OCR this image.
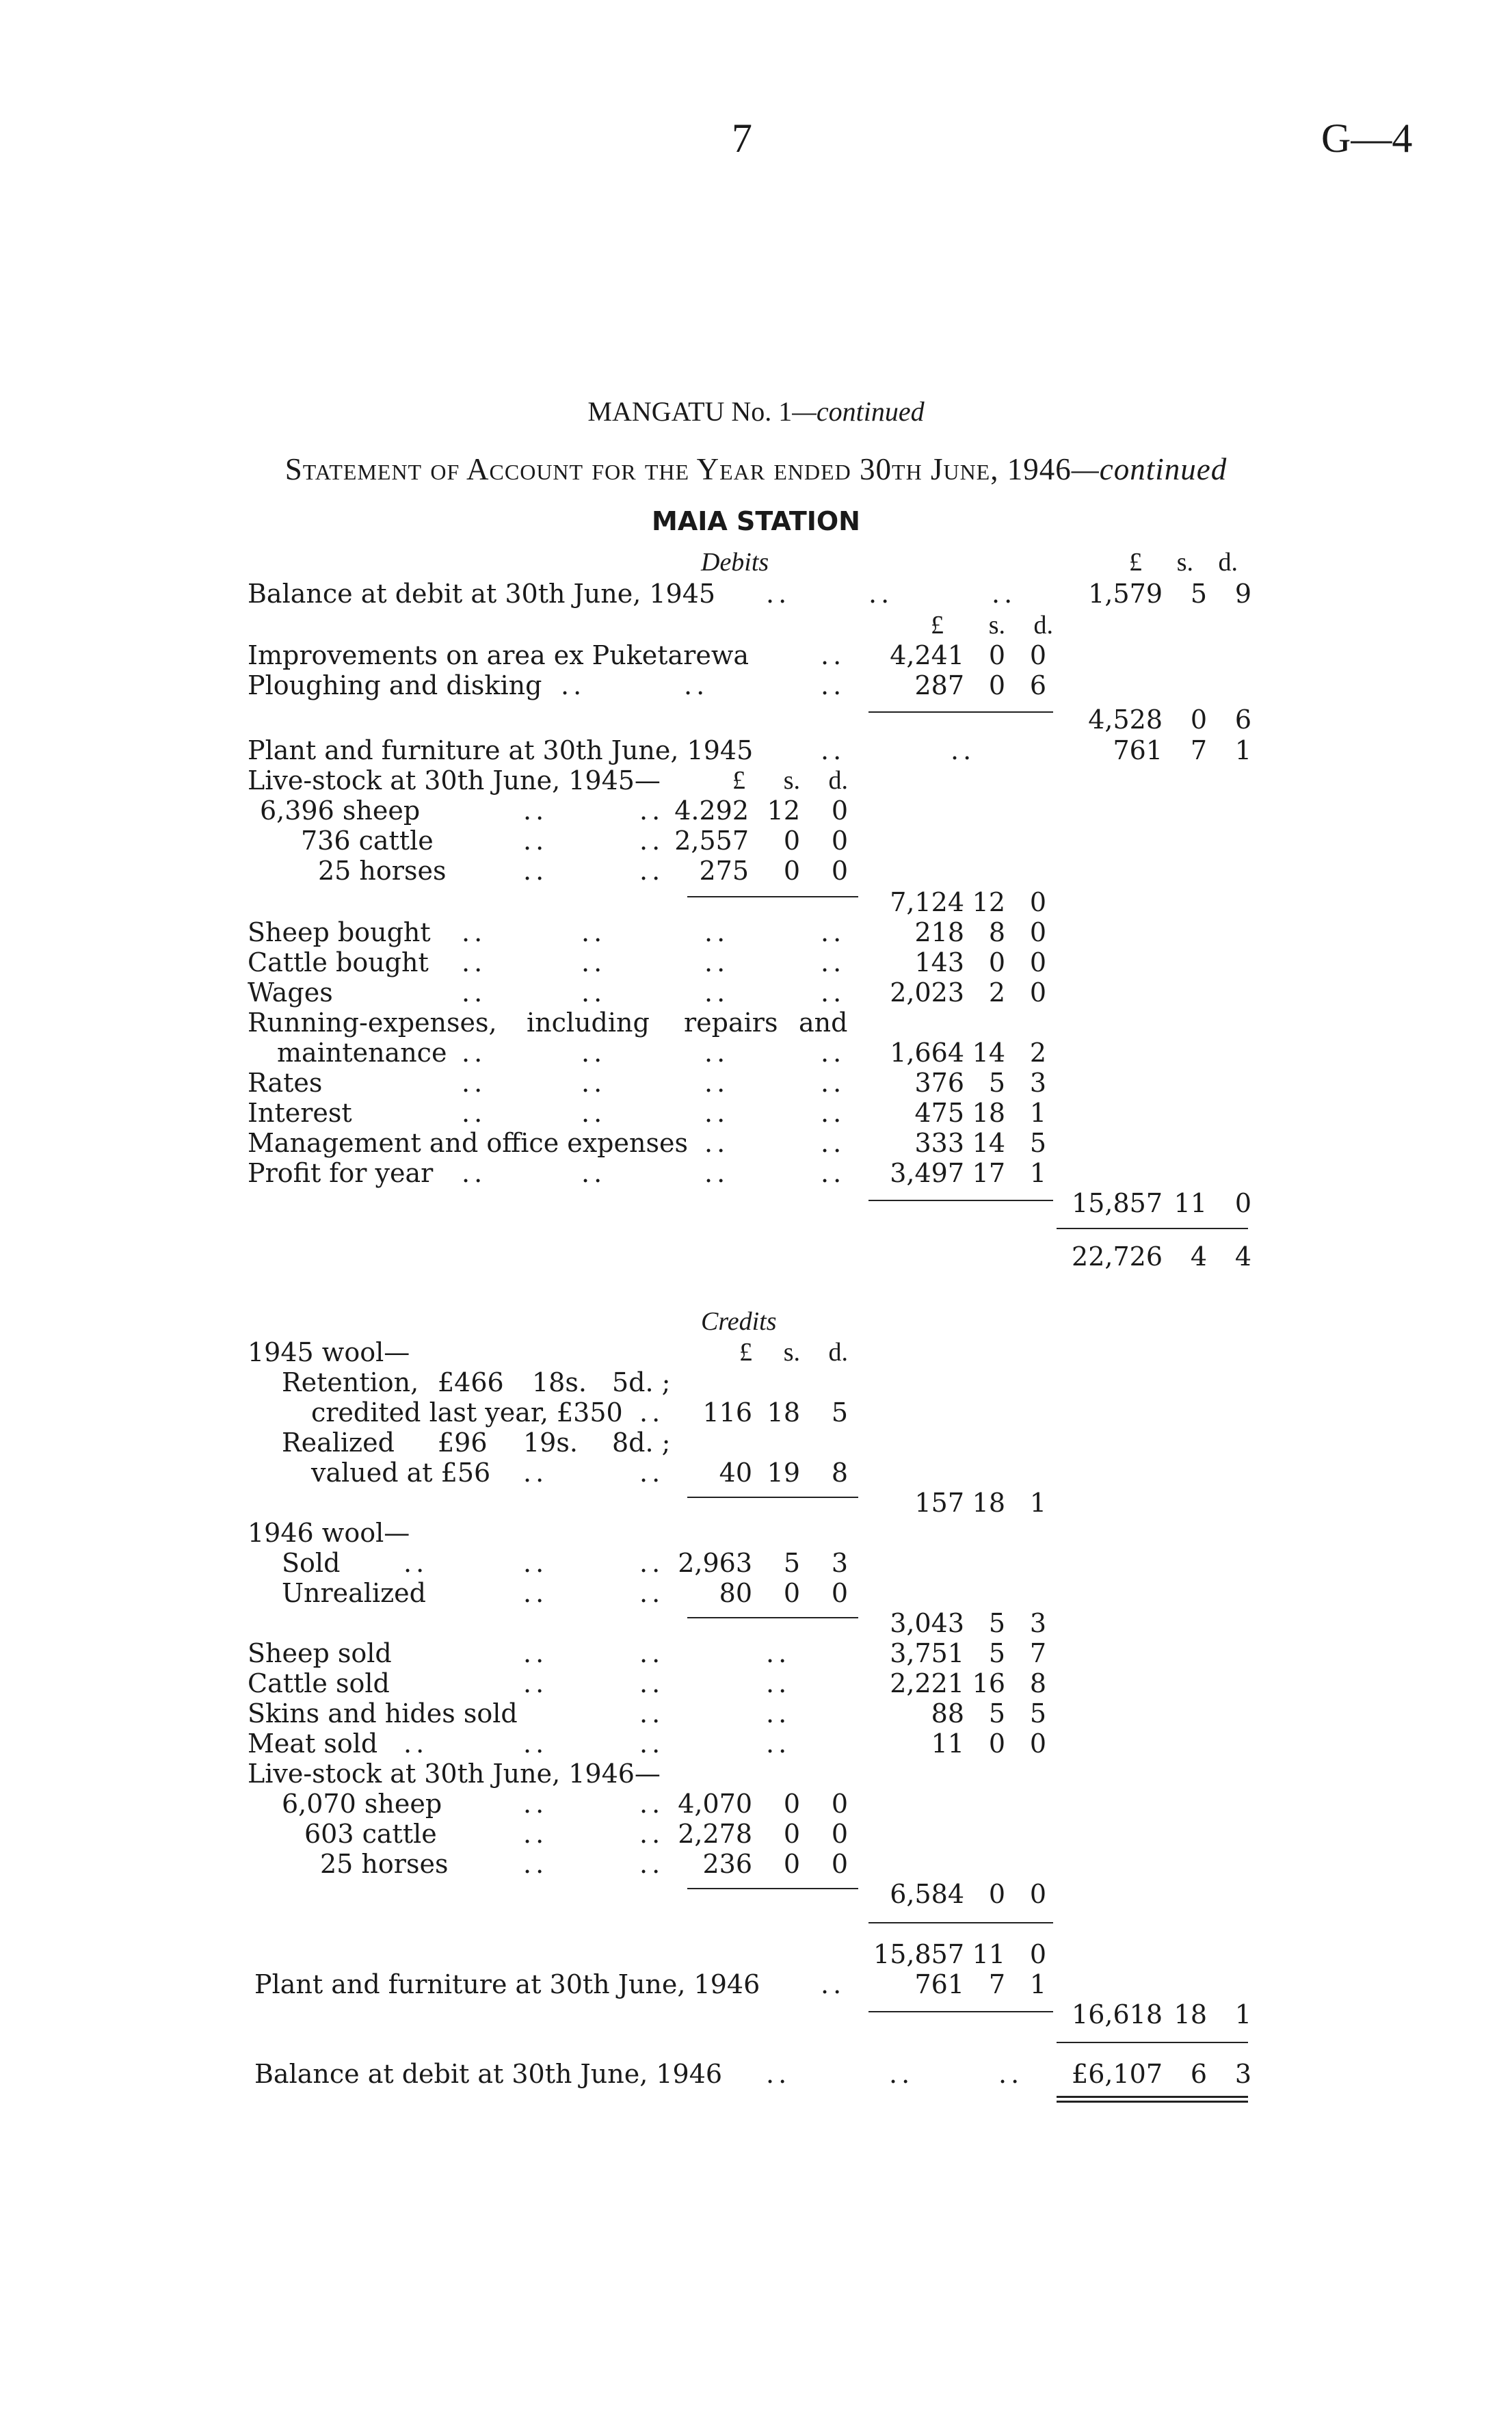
7	G—4
MANGATU No. 1—continued
Statement of Account for the Year ended 30th June, 1946—continued
MAIA STATION
Debits	£	s. d.
Balance at debit at 30th June, 1945 ..	..	..	1,579	5	9
£	s.	d.
Improvements on area ex Puketarewa	..	4,241 0 0
Ploughing and disking ..	..	..	287 0 6
4,528	0	6
Plant and furniture at 30th June, 1945	..	..	761	7	1
Live-stock at 30th June, 1945—	£	s.	d.
6,396 sheep	..	.. 4.292 12	0
736 cattle	..	.. 2,557	0	0
25 horses	..	..	275	0	0
7,124 12 0
Sheep bought ..	..	..	..	218 8 0
Cattle bought ..	..	..	..	143 0 0
Wages	..	..	..	..	2,023 2 0
Running-expenses, including repairs and
maintenance ..	..	..	..	1,664 14 2
Rates	..	..	..	..	376 5 3
Interest	..	..	..	..	475 18 1
Management and office expenses ..	..	333 14 5
Profit for year ..	..	..	..	3,497 17 1
15,857 11	0
22,726	4	4
Credits
1945 wool—	£	s.	d.
Retention, £466 18s. 5d. ;
credited last year, £350 ..	116 18	5
Realized £96 19s. 8d. ;
valued at £56 ..	..	40 19	8
157 18 1
1946 wool—
Sold ..	..	.. 2,963	5	3
Unrealized	..	..	80	0	0
3,043 5 3
Sheep sold	..	..	..	3,751 5 7
Cattle sold	..	..	..	2,221 16 8
Skins and hides sold	..	..	88 5 5
Meat sold ..	..	..	..	11 0 0
Live-stock at 30th June, 1946—
6,070 sheep	..	.. 4,070	0	0
603 cattle	..	.. 2,278	0	0
25 horses	..	..	236	0	0
6,584 0 0
15,857 11 0
Plant and furniture at 30th June, 1946 ..	761 7 1
16,618 18	1
Balance at debit at 30th June, 1946 ..	..	..	£6,107	6	3
